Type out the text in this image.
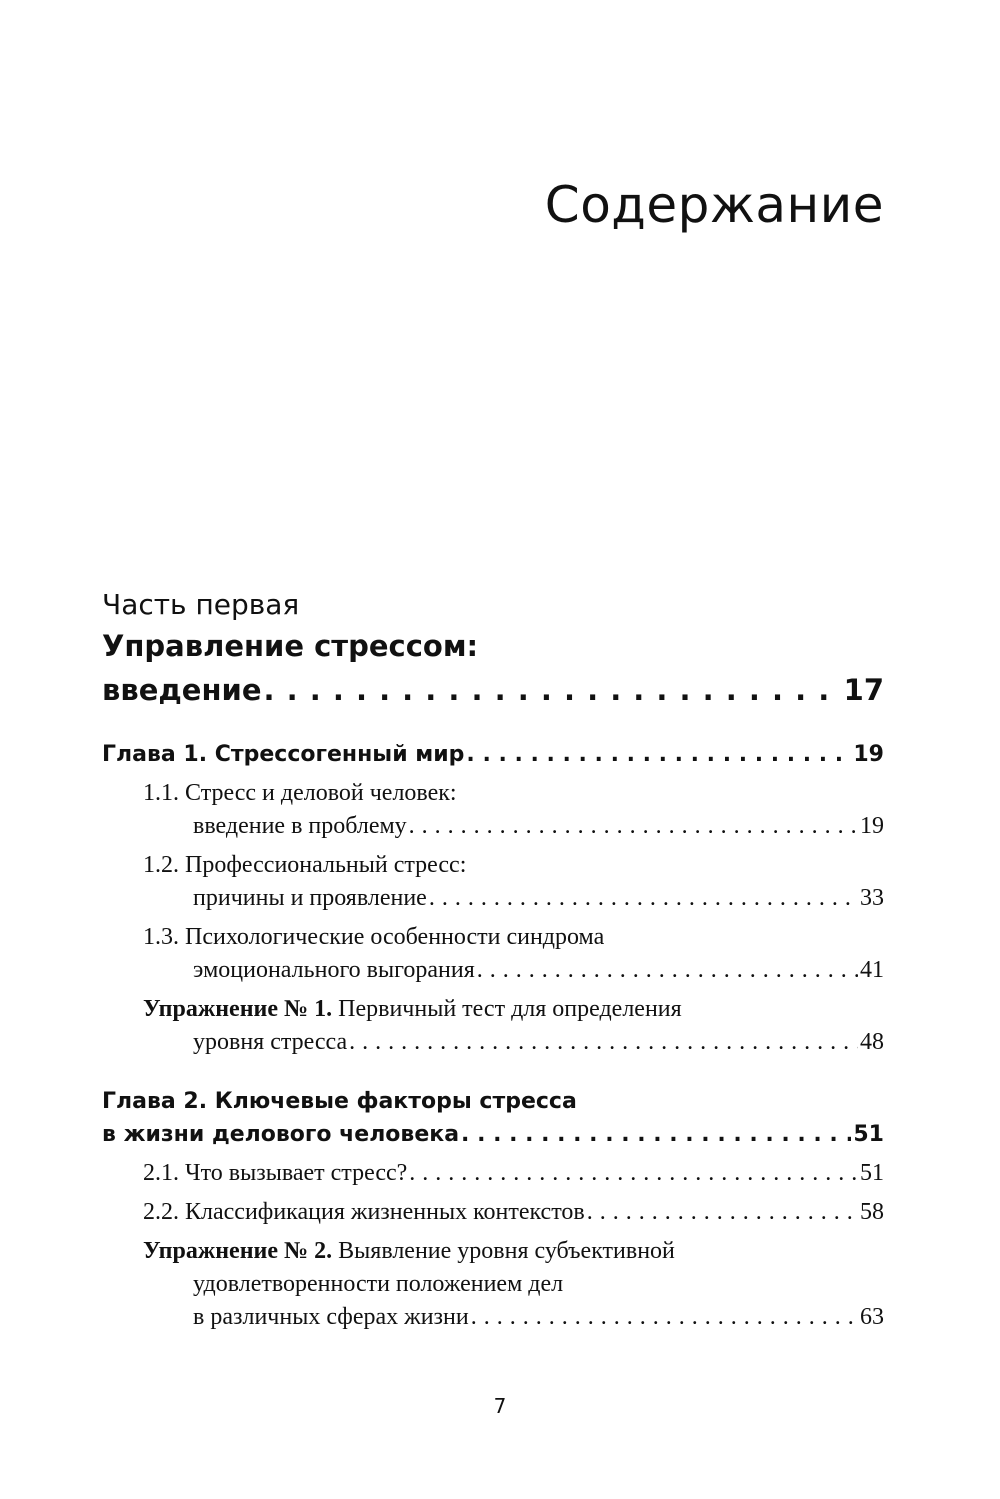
Содержание

Часть первая

Управление стрессом:

введение . . .	17
Глава 1. Стрессогенный мир . . .	19
1.1. Стресс и деловой человек:
введение в проблему . . .	19
1.2. Профессиональный стресс:
причины и проявление . . .	33
1.3. Психологические особенности синдрома
эмоционального выгорания . . .	41
Упражнение № 1. Первичный тест для определения
уровня стресса . . .	48
Глава 2. Ключевые факторы стресса
в жизни делового человека . . .	51
2.1. Что вызывает стресс? . . .	51
2.2. Классификация жизненных контекстов . . .	58
Упражнение № 2. Выявление уровня субъективной
удовлетворенности положением дел
в различных сферах жизни . . .	63
7
